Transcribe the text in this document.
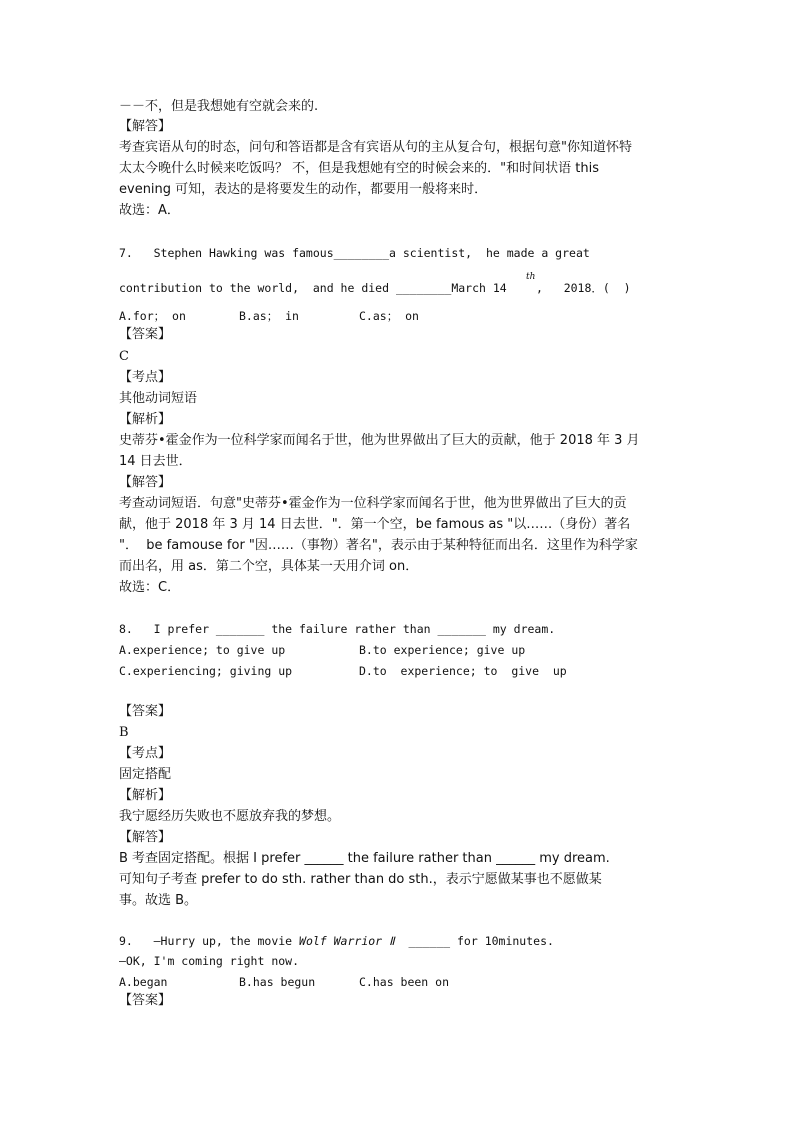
－－不，但是我想她有空就会来的.
【解答】
考查宾语从句的时态，问句和答语都是含有宾语从句的主从复合句，根据句意"你知道怀特
太太今晚什么时候来吃饭吗？ 不，但是我想她有空的时候会来的．"和时间状语 this
evening 可知，表达的是将要发生的动作，都要用一般将来时．
故选：A．
7.   Stephen Hawking was famous________a scientist,  he made a great
contribution to the world,  and he died ________March 14
th
,   2018．(  )
A.for； on	B.as； in	C.as； on
【答案】
C
【考点】
其他动词短语
【解析】
史蒂芬•霍金作为一位科学家而闻名于世，他为世界做出了巨大的贡献，他于 2018 年 3 月
14 日去世．
【解答】
考查动词短语．句意"史蒂芬•霍金作为一位科学家而闻名于世，他为世界做出了巨大的贡
献，他于 2018 年 3 月 14 日去世．"．第一个空，be famous as "以……（身份）著名
"．  be famouse for "因……（事物）著名"，表示由于某种特征而出名．这里作为科学家
而出名，用 as．第二个空，具体某一天用介词 on．
故选：C．
8.   I prefer _______ the failure rather than _______ my dream.
A.experience; to give up	B.to experience; give up
C.experiencing; giving up	D.to  experience; to  give  up
【答案】
B
【考点】
固定搭配
【解析】
我宁愿经历失败也不愿放弃我的梦想。
【解答】
B 考查固定搭配。根据 I prefer ______ the failure rather than ______ my dream.
可知句子考查 prefer to do sth. rather than do sth.，表示宁愿做某事也不愿做某
事。故选 B。
9.   —Hurry up, the movie Wolf Warrior Ⅱ  ______ for 10minutes.
—OK, I'm coming right now.
A.began	B.has begun	C.has been on
【答案】
